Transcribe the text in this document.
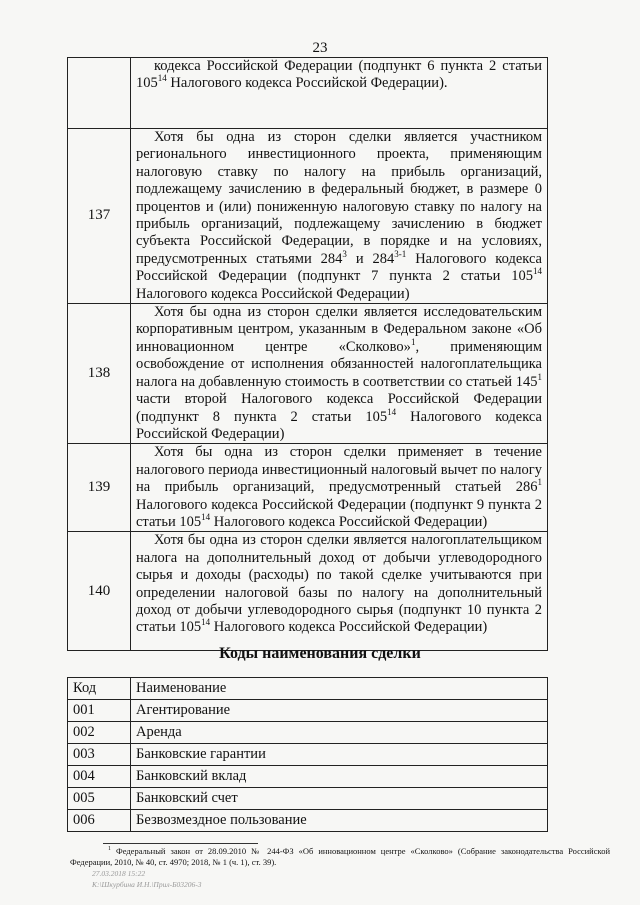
23
	кодекса Российской Федерации (подпункт 6 пункта 2 статьи $105^{14}$ Налогового кодекса Российской Федерации).
137	Хотя бы одна из сторон сделки является участником регионального инвестиционного проекта, применяющим налоговую ставку по налогу на прибыль организаций, подлежащему зачислению в федеральный бюджет, в размере 0 процентов и (или) пониженную налоговую ставку по налогу на прибыль организаций, подлежащему зачислению в бюджет субъекта Российской Федерации, в порядке и на условиях, предусмотренных статьями $284^3$ и 284$^{3-1}$ Налогового кодекса Российской Федерации (подпункт 7 пункта 2 статьи $105^{14}$ Налогового кодекса Российской Федерации)
138	Хотя бы одна из сторон сделки является исследовательским корпоративным центром, указанным в Федеральном законе «Об инновационном центре «Сколково»$^1$, применяющим освобождение от исполнения обязанностей налогоплательщика налога на добавленную стоимость в соответствии со статьей $145^1$ части второй Налогового кодекса Российской Федерации (подпункт 8 пункта 2 статьи $105^{14}$ Налогового кодекса Российской Федерации)
139	Хотя бы одна из сторон сделки применяет в течение налогового периода инвестиционный налоговый вычет по налогу на прибыль организаций, предусмотренный статьей $286^1$ Налогового кодекса Российской Федерации (подпункт 9 пункта 2 статьи $105^{14}$ Налогового кодекса Российской Федерации)
140	Хотя бы одна из сторон сделки является налогоплательщиком налога на дополнительный доход от добычи углеводородного сырья и доходы (расходы) по такой сделке учитываются при определении налоговой базы по налогу на дополнительный доход от добычи углеводородного сырья (подпункт 10 пункта 2 статьи $105^{14}$ Налогового кодекса Российской Федерации)
Коды наименования сделки
Код	Наименование
001	Агентирование
002	Аренда
003	Банковские гарантии
004	Банковский вклад
005	Банковский счет
006	Безвозмездное пользование
$^1$ Федеральный закон от 28.09.2010 № 244-ФЗ «Об инновационном центре «Сколково» (Собрание законодательства Российской Федерации, 2010, № 40, ст. 4970; 2018, № 1 (ч. 1), ст. 39).
27.03.2018 15:22
К:\Шкурбина И.Н.\Прил-Б03206-3
